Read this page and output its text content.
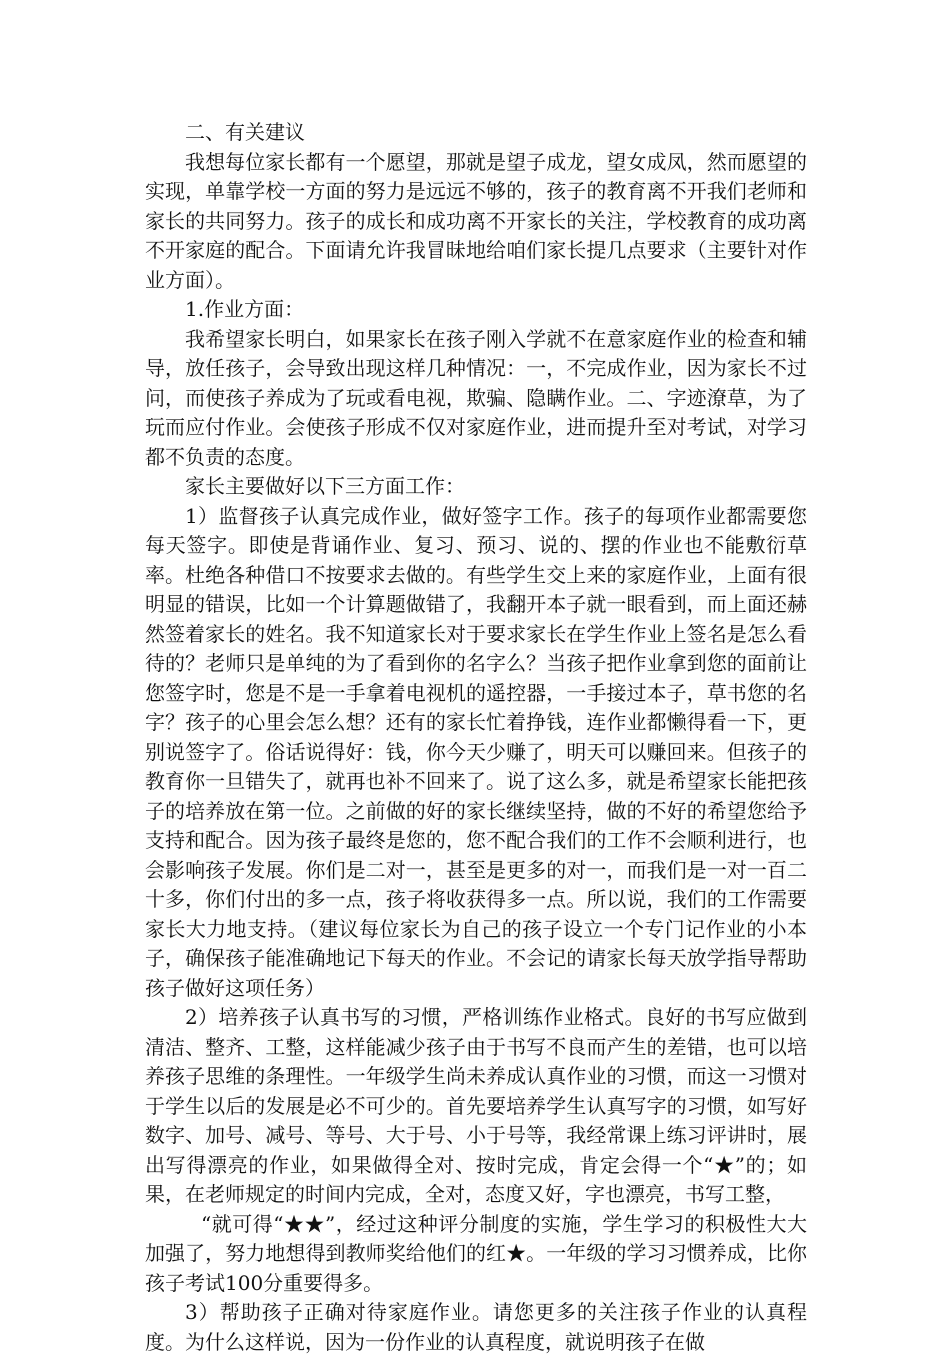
二、有关建议

我想每位家长都有一个愿望，那就是望子成龙，望女成凤，然而愿望的实现，单靠学校一方面的努力是远远不够的，孩子的教育离不开我们老师和家长的共同努力。孩子的成长和成功离不开家长的关注，学校教育的成功离不开家庭的配合。下面请允许我冒昧地给咱们家长提几点要求（主要针对作业方面）。

1.作业方面：

我希望家长明白，如果家长在孩子刚入学就不在意家庭作业的检查和辅导，放任孩子，会导致出现这样几种情况：一，不完成作业，因为家长不过问，而使孩子养成为了玩或看电视，欺骗、隐瞒作业。二、字迹潦草，为了玩而应付作业。会使孩子形成不仅对家庭作业，进而提升至对考试，对学习都不负责的态度。

家长主要做好以下三方面工作：

1）监督孩子认真完成作业，做好签字工作。孩子的每项作业都需要您每天签字。即使是背诵作业、复习、预习、说的、摆的作业也不能敷衍草率。杜绝各种借口不按要求去做的。有些学生交上来的家庭作业，上面有很明显的错误，比如一个计算题做错了，我翻开本子就一眼看到，而上面还赫然签着家长的姓名。我不知道家长对于要求家长在学生作业上签名是怎么看待的？老师只是单纯的为了看到你的名字么？当孩子把作业拿到您的面前让您签字时，您是不是一手拿着电视机的遥控器，一手接过本子，草书您的名字？孩子的心里会怎么想？还有的家长忙着挣钱，连作业都懒得看一下，更别说签字了。俗话说得好：钱，你今天少赚了，明天可以赚回来。但孩子的教育你一旦错失了，就再也补不回来了。说了这么多，就是希望家长能把孩子的培养放在第一位。之前做的好的家长继续坚持，做的不好的希望您给予支持和配合。因为孩子最终是您的，您不配合我们的工作不会顺利进行，也会影响孩子发展。你们是二对一，甚至是更多的对一，而我们是一对一百二十多，你们付出的多一点，孩子将收获得多一点。所以说，我们的工作需要家长大力地支持。（建议每位家长为自己的孩子设立一个专门记作业的小本子，确保孩子能准确地记下每天的作业。不会记的请家长每天放学指导帮助孩子做好这项任务）

2）培养孩子认真书写的习惯，严格训练作业格式。良好的书写应做到清洁、整齐、工整，这样能减少孩子由于书写不良而产生的差错，也可以培养孩子思维的条理性。一年级学生尚未养成认真作业的习惯，而这一习惯对于学生以后的发展是必不可少的。首先要培养学生认真写字的习惯，如写好数字、加号、减号、等号、大于号、小于号等，我经常课上练习评讲时，展出写得漂亮的作业，如果做得全对、按时完成，肯定会得一个“★”的；如果，在老师规定的时间内完成，全对，态度又好，字也漂亮，书写工整，

“就可得“★★”，经过这种评分制度的实施，学生学习的积极性大大加强了，努力地想得到教师奖给他们的红★。一年级的学习习惯养成，比你孩子考试100分重要得多。

3）帮助孩子正确对待家庭作业。请您更多的关注孩子作业的认真程度。为什么这样说，因为一份作业的认真程度，就说明孩子在做
